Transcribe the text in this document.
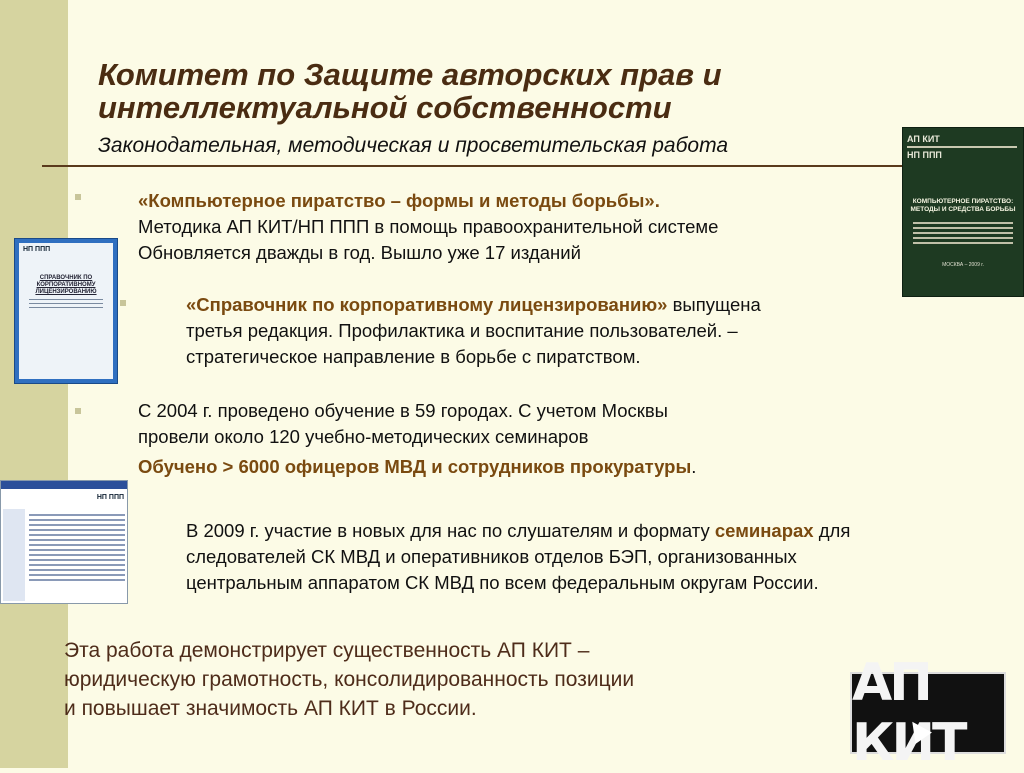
Комитет по Защите авторских прав и
интеллектуальной собственности
Законодательная, методическая и просветительская работа
«Компьютерное пиратство – формы и методы борьбы».
Методика АП КИТ/НП ППП в помощь правоохранительной системе
Обновляется дважды в год. Вышло уже 17 изданий
«Справочник по корпоративному лицензированию» выпущена
третья редакция. Профилактика и воспитание пользователей. –
стратегическое направление в борьбе с пиратством.
С 2004 г. проведено обучение в 59 городах. С учетом Москвы
провели около 120 учебно-методических семинаров
Обучено > 6000 офицеров МВД и сотрудников прокуратуры.
В 2009 г. участие в новых для нас по слушателям и формату семинарах для
следователей СК МВД и оперативников отделов БЭП, организованных
центральным аппаратом СК МВД по всем федеральным округам России.
Эта работа демонстрирует существенность АП КИТ –
юридическую грамотность, консолидированность позиции
и повышает значимость АП КИТ в России.
АП КИТ
НП ППП
КОМПЬЮТЕРНОЕ ПИРАТСТВО: МЕТОДЫ И СРЕДСТВА БОРЬБЫ
МОСКВА – 2009 г.
НП ППП
СПРАВОЧНИК ПО КОРПОРАТИВНОМУ ЛИЦЕНЗИРОВАНИЮ
НП ППП
АП КИТ
